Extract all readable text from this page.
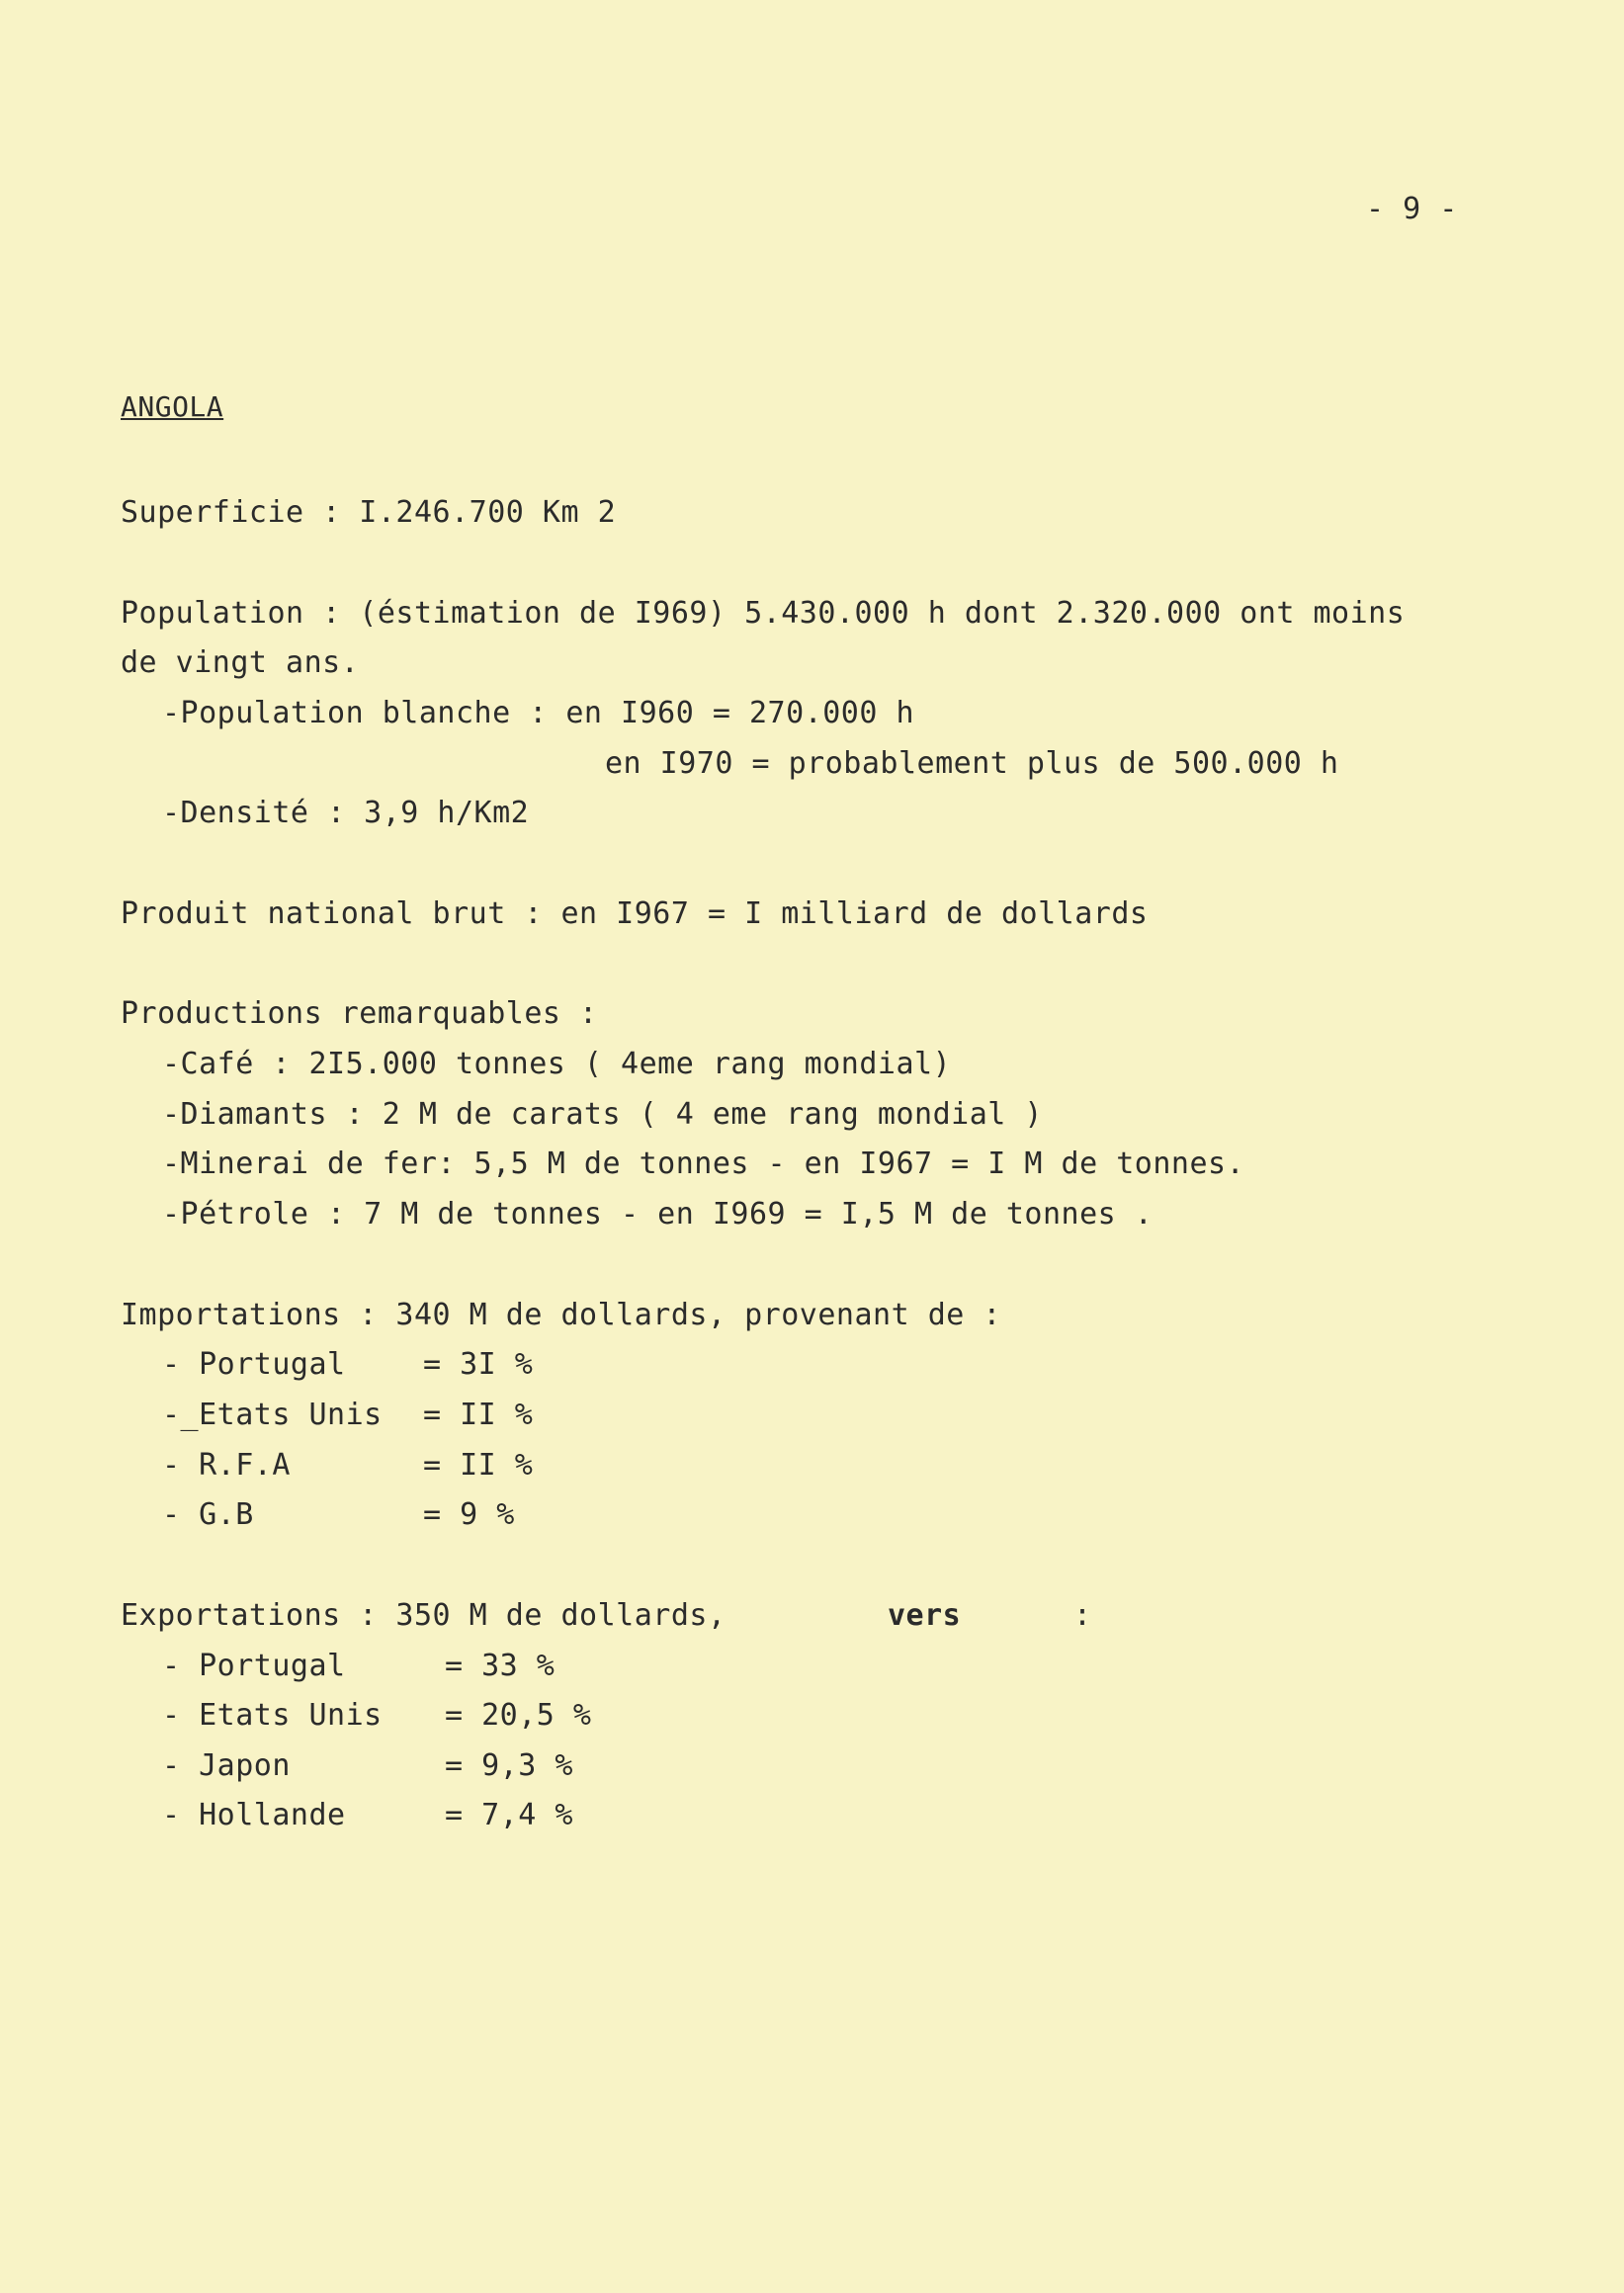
- 9 -
ANGOLA
Superficie : I.246.700 Km 2
Population : (éstimation de I969) 5.430.000 h dont 2.320.000 ont moins
de vingt ans.
-Population blanche : en I960 = 270.000 h
en I970 = probablement plus de 500.000 h
-Densité : 3,9 h/Km2
Produit national brut : en I967 = I milliard de dollards
Productions remarquables :
-Café : 2I5.000 tonnes ( 4eme rang mondial)
-Diamants : 2 M de carats ( 4 eme rang mondial )
-Minerai de fer: 5,5 M de tonnes - en I967 = I M de tonnes.
-Pétrole : 7 M de tonnes - en I969 = I,5 M de tonnes .
Importations : 340 M de dollards, provenant de :
- Portugal	= 3I %
-_Etats Unis = II %
- R.F.A	= II %
- G.B	= 9 %
Exportations : 350 M de dollards,	vers	:
- Portugal	= 33 %
- Etats Unis = 20,5 %
- Japon	= 9,3 %
- Hollande	= 7,4 %
